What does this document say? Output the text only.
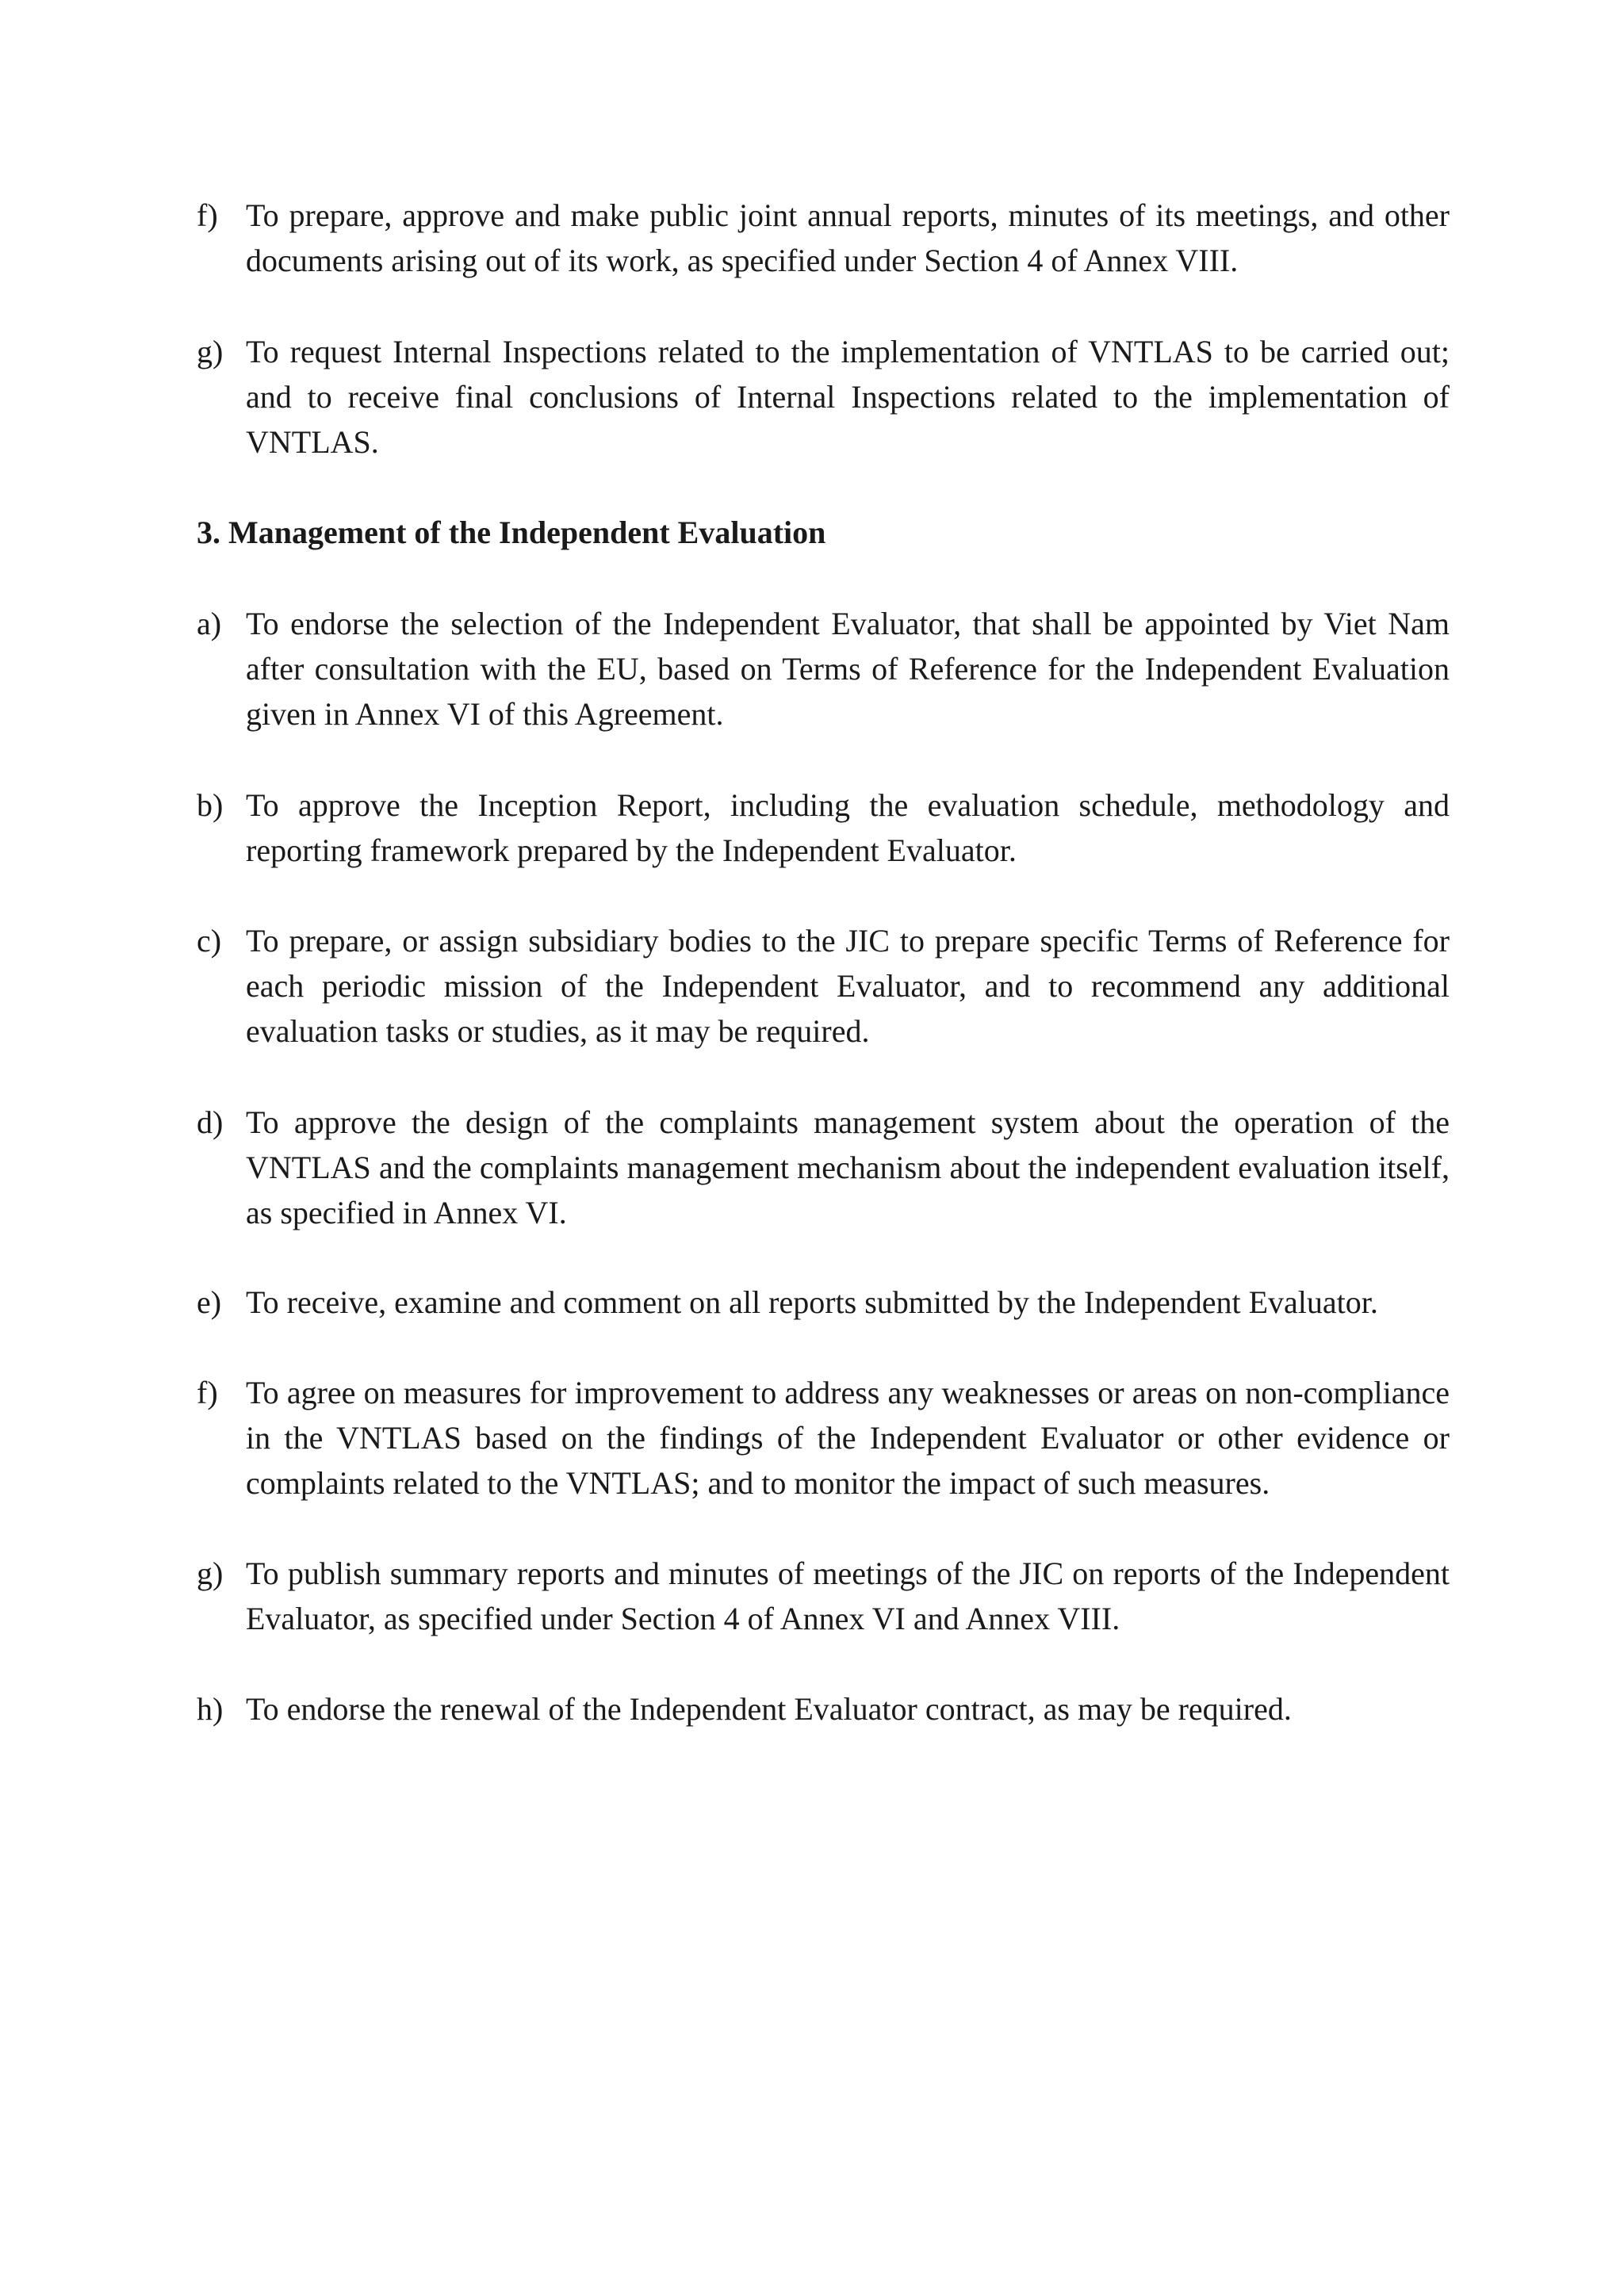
f) To prepare, approve and make public joint annual reports, minutes of its meetings, and other documents arising out of its work, as specified under Section 4 of Annex VIII.
g) To request Internal Inspections related to the implementation of VNTLAS to be carried out; and to receive final conclusions of Internal Inspections related to the implementation of VNTLAS.
3. Management of the Independent Evaluation
a) To endorse the selection of the Independent Evaluator, that shall be appointed by Viet Nam after consultation with the EU, based on Terms of Reference for the Independent Evaluation given in Annex VI of this Agreement.
b) To approve the Inception Report, including the evaluation schedule, methodology and reporting framework prepared by the Independent Evaluator.
c) To prepare, or assign subsidiary bodies to the JIC to prepare specific Terms of Reference for each periodic mission of the Independent Evaluator, and to recommend any additional evaluation tasks or studies, as it may be required.
d) To approve the design of the complaints management system about the operation of the VNTLAS and the complaints management mechanism about the independent evaluation itself, as specified in Annex VI.
e) To receive, examine and comment on all reports submitted by the Independent Evaluator.
f) To agree on measures for improvement to address any weaknesses or areas on non-compliance in the VNTLAS based on the findings of the Independent Evaluator or other evidence or complaints related to the VNTLAS; and to monitor the impact of such measures.
g) To publish summary reports and minutes of meetings of the JIC on reports of the Independent Evaluator, as specified under Section 4 of Annex VI and Annex VIII.
h) To endorse the renewal of the Independent Evaluator contract, as may be required.
